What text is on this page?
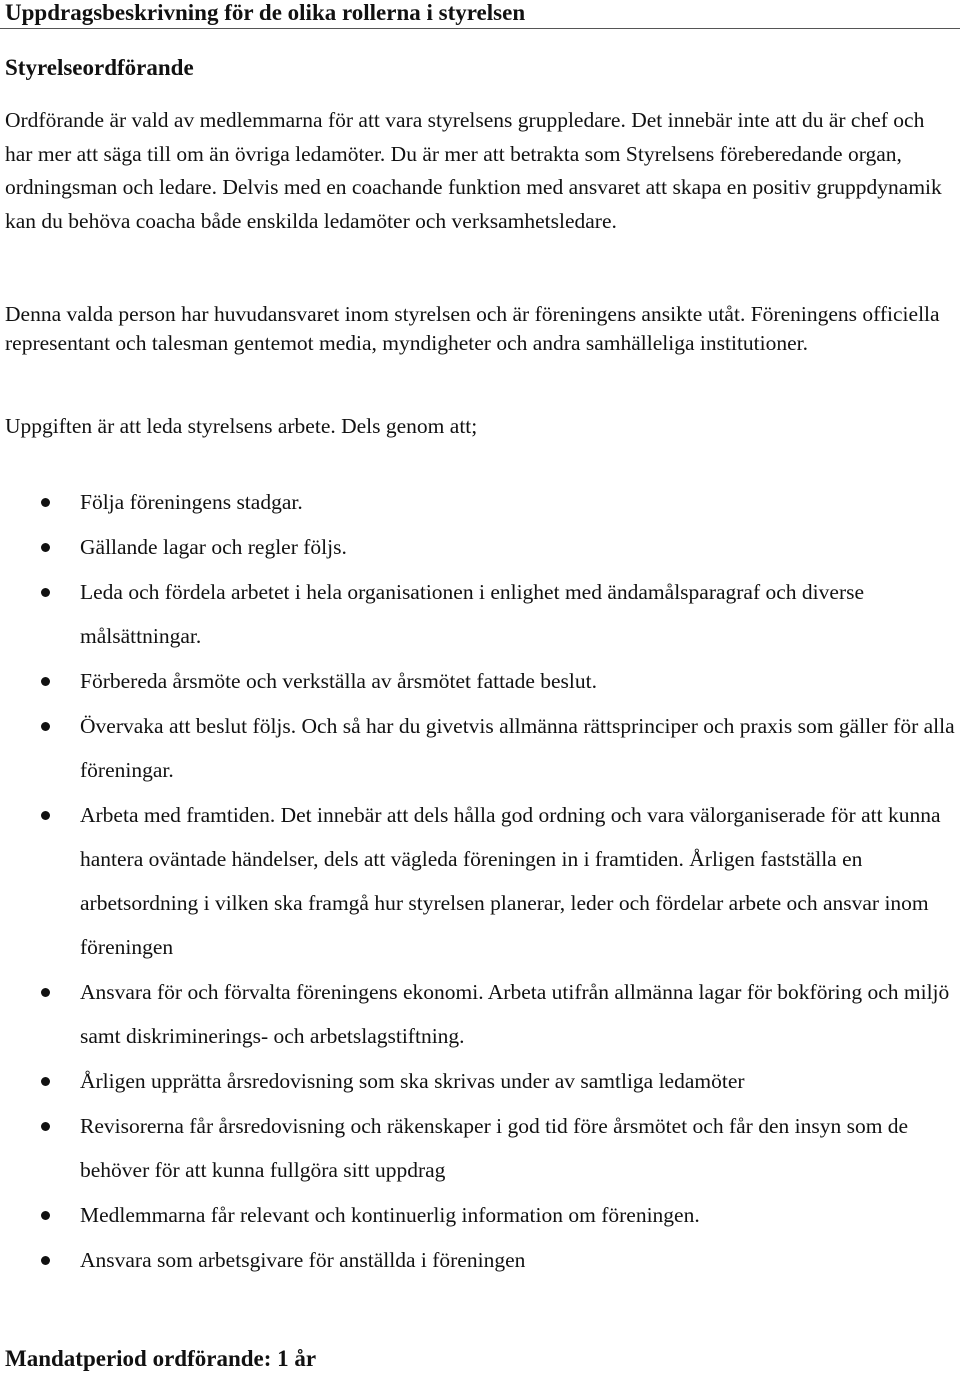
Uppdragsbeskrivning för de olika rollerna i styrelsen
Styrelseordförande

Ordförande är vald av medlemmarna för att vara styrelsens gruppledare. Det innebär inte att du är chef och har mer att säga till om än övriga ledamöter. Du är mer att betrakta som Styrelsens föreberedande organ, ordningsman och ledare. Delvis med en coachande funktion med ansvaret att skapa en positiv gruppdynamik kan du behöva coacha både enskilda ledamöter och verksamhetsledare.

Denna valda person har huvudansvaret inom styrelsen och är föreningens ansikte utåt. Föreningens officiella representant och talesman gentemot media, myndigheter och andra samhälleliga institutioner.

Uppgiften är att leda styrelsens arbete. Dels genom att;

Följa föreningens stadgar.
Gällande lagar och regler följs.
Leda och fördela arbetet i hela organisationen i enlighet med ändamålsparagraf och diverse målsättningar.
Förbereda årsmöte och verkställa av årsmötet fattade beslut.
Övervaka att beslut följs. Och så har du givetvis allmänna rättsprinciper och praxis som gäller för alla föreningar.
Arbeta med framtiden. Det innebär att dels hålla god ordning och vara välorganiserade för att kunna hantera oväntade händelser, dels att vägleda föreningen in i framtiden. Årligen fastställa en arbetsordning i vilken ska framgå hur styrelsen planerar, leder och fördelar arbete och ansvar inom föreningen
Ansvara för och förvalta föreningens ekonomi. Arbeta utifrån allmänna lagar för bokföring och miljö samt diskriminerings- och arbetslagstiftning.
Årligen upprätta årsredovisning som ska skrivas under av samtliga ledamöter
Revisorerna får årsredovisning och räkenskaper i god tid före årsmötet och får den insyn som de behöver för att kunna fullgöra sitt uppdrag
Medlemmarna får relevant och kontinuerlig information om föreningen.
Ansvara som arbetsgivare för anställda i föreningen

Mandatperiod ordförande: 1 år
